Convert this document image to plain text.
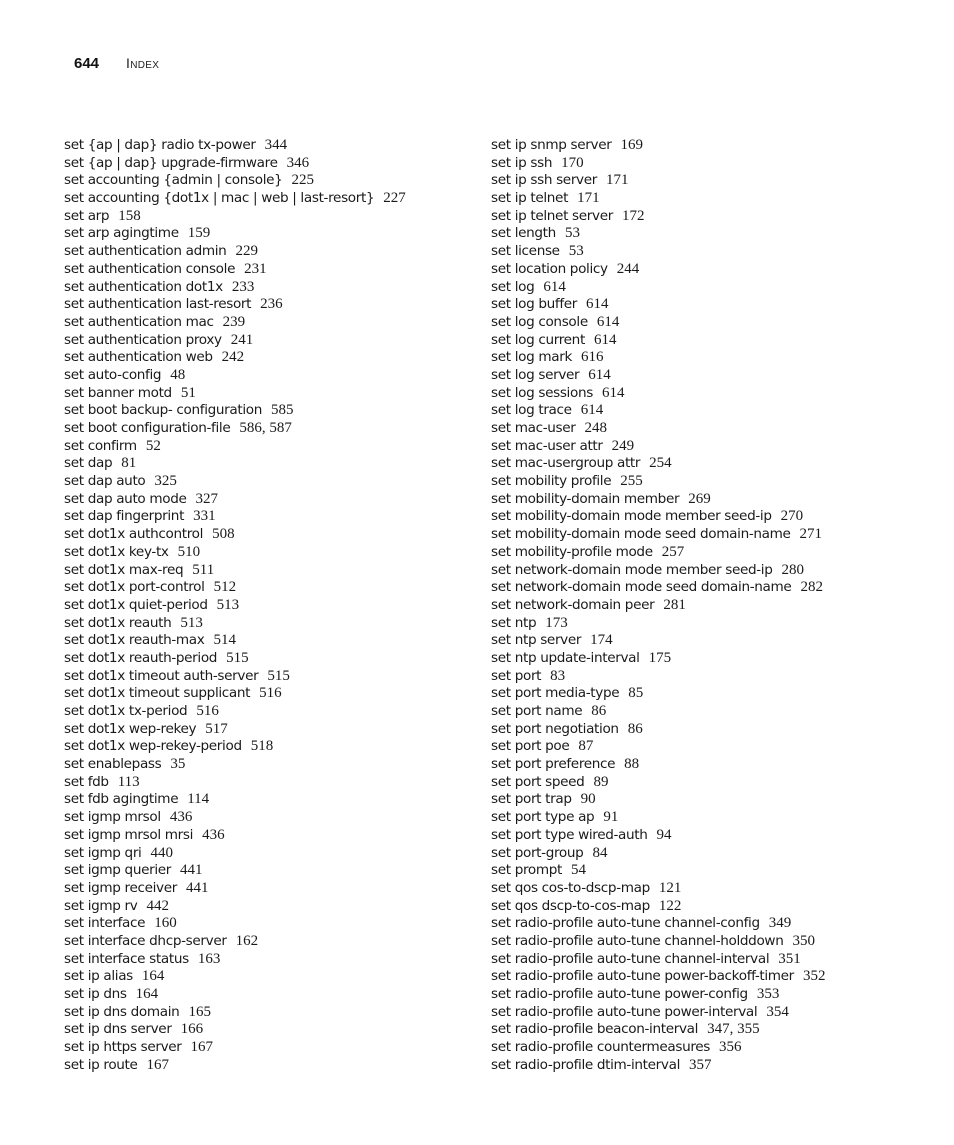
644 Index
set {ap | dap} radio tx-power 344
set {ap | dap} upgrade-firmware 346
set accounting {admin | console} 225
set accounting {dot1x | mac | web | last-resort} 227
set arp 158
set arp agingtime 159
set authentication admin 229
set authentication console 231
set authentication dot1x 233
set authentication last-resort 236
set authentication mac 239
set authentication proxy 241
set authentication web 242
set auto-config 48
set banner motd 51
set boot backup- configuration 585
set boot configuration-file 586, 587
set confirm 52
set dap 81
set dap auto 325
set dap auto mode 327
set dap fingerprint 331
set dot1x authcontrol 508
set dot1x key-tx 510
set dot1x max-req 511
set dot1x port-control 512
set dot1x quiet-period 513
set dot1x reauth 513
set dot1x reauth-max 514
set dot1x reauth-period 515
set dot1x timeout auth-server 515
set dot1x timeout supplicant 516
set dot1x tx-period 516
set dot1x wep-rekey 517
set dot1x wep-rekey-period 518
set enablepass 35
set fdb 113
set fdb agingtime 114
set igmp mrsol 436
set igmp mrsol mrsi 436
set igmp qri 440
set igmp querier 441
set igmp receiver 441
set igmp rv 442
set interface 160
set interface dhcp-server 162
set interface status 163
set ip alias 164
set ip dns 164
set ip dns domain 165
set ip dns server 166
set ip https server 167
set ip route 167
set ip snmp server 169
set ip ssh 170
set ip ssh server 171
set ip telnet 171
set ip telnet server 172
set length 53
set license 53
set location policy 244
set log 614
set log buffer 614
set log console 614
set log current 614
set log mark 616
set log server 614
set log sessions 614
set log trace 614
set mac-user 248
set mac-user attr 249
set mac-usergroup attr 254
set mobility profile 255
set mobility-domain member 269
set mobility-domain mode member seed-ip 270
set mobility-domain mode seed domain-name 271
set mobility-profile mode 257
set network-domain mode member seed-ip 280
set network-domain mode seed domain-name 282
set network-domain peer 281
set ntp 173
set ntp server 174
set ntp update-interval 175
set port 83
set port media-type 85
set port name 86
set port negotiation 86
set port poe 87
set port preference 88
set port speed 89
set port trap 90
set port type ap 91
set port type wired-auth 94
set port-group 84
set prompt 54
set qos cos-to-dscp-map 121
set qos dscp-to-cos-map 122
set radio-profile auto-tune channel-config 349
set radio-profile auto-tune channel-holddown 350
set radio-profile auto-tune channel-interval 351
set radio-profile auto-tune power-backoff-timer 352
set radio-profile auto-tune power-config 353
set radio-profile auto-tune power-interval 354
set radio-profile beacon-interval 347, 355
set radio-profile countermeasures 356
set radio-profile dtim-interval 357
